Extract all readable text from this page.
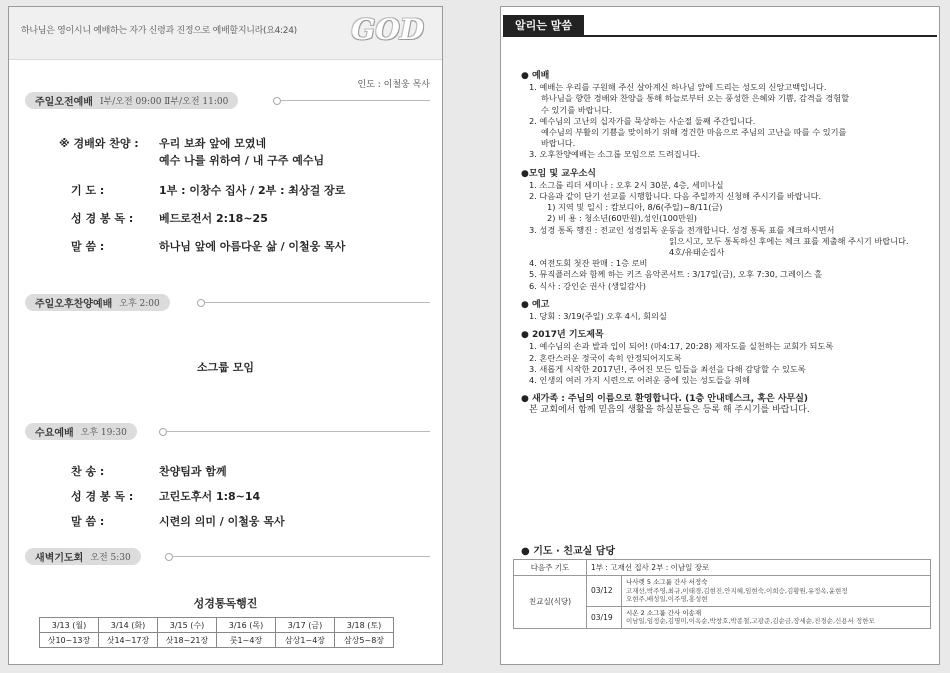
하나님은 영이시니 예배하는 자가 신령과 진정으로 예배할지니라(요4:24) GOD
인도 : 이철웅 목사
주일오전예배 Ⅰ부/오전 09:00 Ⅱ부/오전 11:00
※ 경배와 찬양 : 우리 보좌 앞에 모였네
예수 나를 위하여 / 내 구주 예수님
기 도 :	1부 : 이창수 집사 / 2부 : 최상걸 장로
성 경 봉 독 : 베드로전서 2:18~25
말 씀 :	하나님 앞에 아름다운 삶 / 이철웅 목사
주일오후찬양예배 오후 2:00
소그룹 모임
수요예배 오후 19:30
찬 송 :	찬양팀과 함께
성 경 봉 독 : 고린도후서 1:8~14
말 씀 :	시련의 의미 / 이철웅 목사
새벽기도회 오전 5:30
성경통독행진
3/13 (월)	3/14 (화)	3/15 (수)	3/16 (목)	3/17 (금)	3/18 (토)
삿10~13장	삿14~17장	삿18~21장	룻1~4장	삼상1~4장	삼상5~8장
알리는 말씀
● 예배
1. 예배는 우리를 구원해 주신 살아계신 하나님 앞에 드리는 성도의 신앙고백입니다.
하나님을 향한 경배와 찬양을 통해 하늘로부터 오는 풍성한 은혜와 기쁨, 감격을 경험할
수 있기를 바랍니다.
2. 예수님의 고난의 십자가를 묵상하는 사순절 둘째 주간입니다.
예수님의 부활의 기쁨을 맞이하기 위해 경건한 마음으로 주님의 고난을 따를 수 있기를
바랍니다.
3. 오후찬양예배는 소그룹 모임으로 드려집니다.
●모임 및 교우소식
1. 소그룹 리더 세미나 : 오후 2시 30분, 4층, 세미나실
2. 다음과 같이 단기 선교를 시행합니다. 다음 주일까지 신청해 주시기를 바랍니다.
1) 지역 및 일시 : 캄보디아, 8/6(주일)~8/11(금)
2) 비 용 : 청소년(60만원),성인(100만원)
3. 성경 통독 행진 : 전교인 성경읽독 운동을 전개합니다. 성경 통독 표를 체크하시면서
읽으시고, 모두 통독하신 후에는 체크 표를 제출해 주시기 바랍니다.
4호/유태순집사
4. 여전도회 첫잔 판매 : 1층 로비
5. 뮤직플러스와 함께 하는 키즈 음악콘서트 : 3/17일(금), 오후 7:30, 그레이스 홀
6. 식사 : 강인순 권사 (생일감사)
● 예고
1. 당회 : 3/19(주일) 오후 4시, 회의실
● 2017년 기도제목
1. 예수님의 손과 발과 입이 되어! (마4:17, 20:28) 제자도를 실천하는 교회가 되도록
2. 혼란스러운 정국이 속히 안정되어지도록
3. 새롭게 시작한 2017년!, 주어진 모든 일들을 최선을 다해 감당할 수 있도록
4. 인생의 여러 가지 시련으로 어려운 중에 있는 성도들을 위해
● 새가족 : 주님의 이름으로 환영합니다. (1층 안내데스크, 혹은 사무실)
본 교회에서 함께 믿음의 생활을 하실분들은 등록 해 주시기를 바랍니다.
● 기도 · 친교실 담당
다음주 기도	1부 : 고재선 집사 2부 : 이남일 장로	
친교실(식당)	03/12	나사렛 5 소그룹 간사 서정숙
고재선,박주영,최규,이태경,김현진,안지혜,임현숙,이희승,김황원,유정옥,윤현정
오현주,배성일,이주영,홍성현

	03/19	시온 2 소그룹 간사 이송재
이남일,임정순,김명미,이옥순,박창호,박종철,고광준,김순금,장세순,진경순,신용서 정한모
